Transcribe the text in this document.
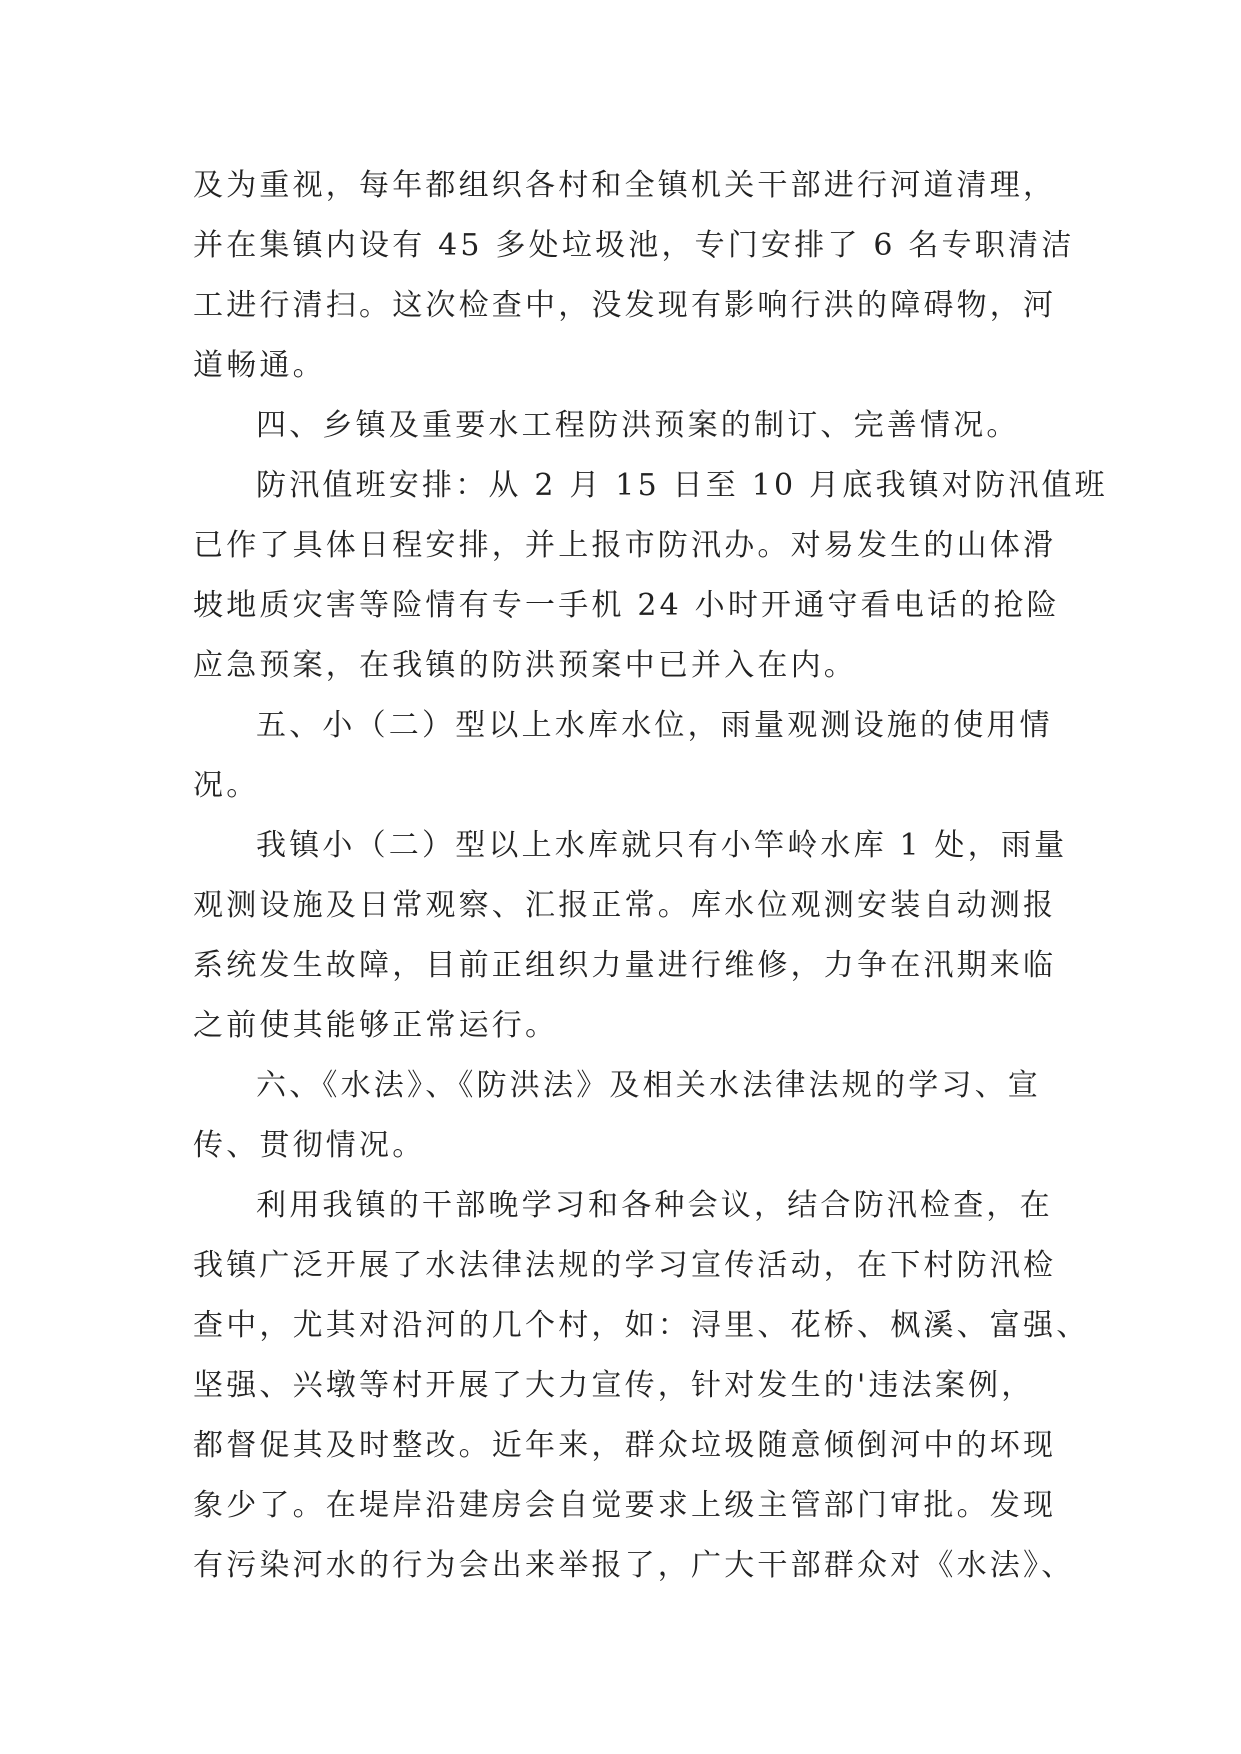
及为重视，每年都组织各村和全镇机关干部进行河道清理，
并在集镇内设有 45 多处垃圾池，专门安排了 6 名专职清洁
工进行清扫。这次检查中，没发现有影响行洪的障碍物，河
道畅通。
四、乡镇及重要水工程防洪预案的制订、完善情况。
防汛值班安排：从 2 月 15 日至 10 月底我镇对防汛值班
已作了具体日程安排，并上报市防汛办。对易发生的山体滑
坡地质灾害等险情有专一手机 24 小时开通守看电话的抢险
应急预案，在我镇的防洪预案中已并入在内。
五、小（二）型以上水库水位，雨量观测设施的使用情
况。
我镇小（二）型以上水库就只有小竿岭水库 1 处，雨量
观测设施及日常观察、汇报正常。库水位观测安装自动测报
系统发生故障，目前正组织力量进行维修，力争在汛期来临
之前使其能够正常运行。
六、《水法》、《防洪法》及相关水法律法规的学习、宣
传、贯彻情况。
利用我镇的干部晚学习和各种会议，结合防汛检查，在
我镇广泛开展了水法律法规的学习宣传活动，在下村防汛检
查中，尤其对沿河的几个村，如：浔里、花桥、枫溪、富强、
坚强、兴墩等村开展了大力宣传，针对发生的'违法案例，
都督促其及时整改。近年来，群众垃圾随意倾倒河中的坏现
象少了。在堤岸沿建房会自觉要求上级主管部门审批。发现
有污染河水的行为会出来举报了，广大干部群众对《水法》、
